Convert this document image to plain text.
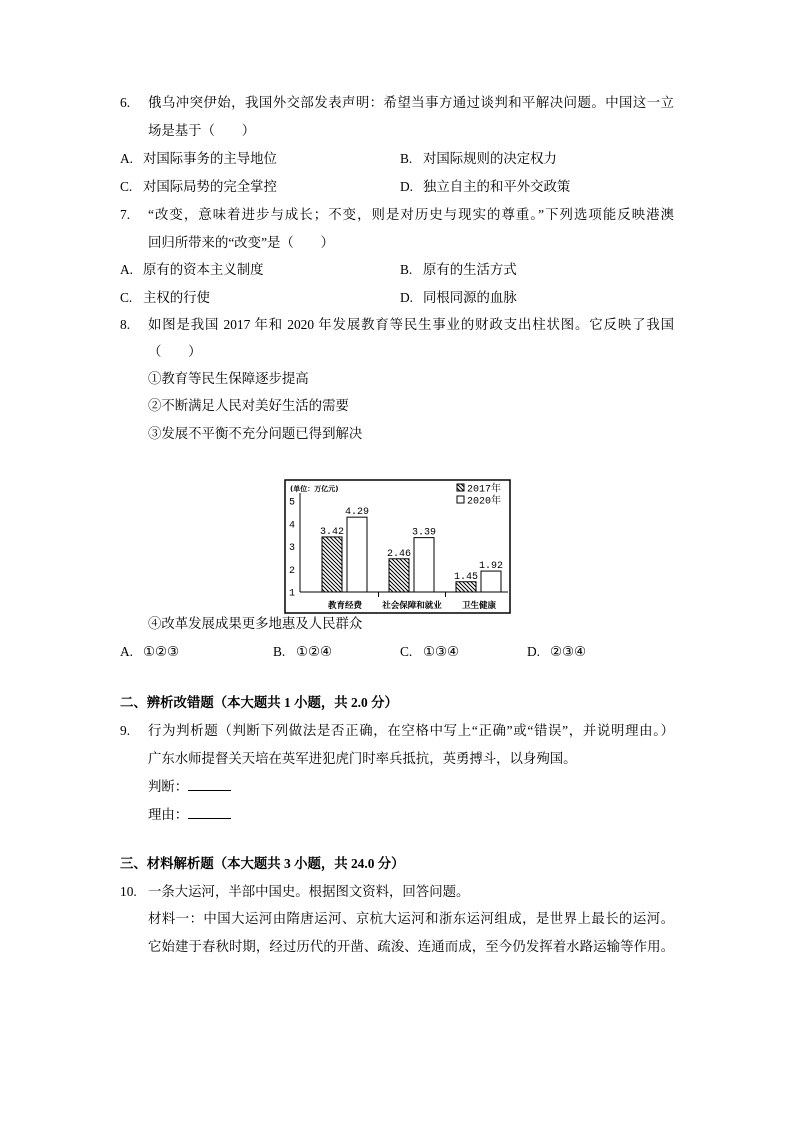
6. 俄乌冲突伊始，我国外交部发表声明：希望当事方通过谈判和平解决问题。中国这一立
场是基于（　　）
A. 对国际事务的主导地位	B. 对国际规则的决定权力
C. 对国际局势的完全掌控	D. 独立自主的和平外交政策
7. “改变，意味着进步与成长；不变，则是对历史与现实的尊重。”下列选项能反映港澳
回归所带来的“改变”是（　　）
A. 原有的资本主义制度	B. 原有的生活方式
C. 主权的行使	D. 同根同源的血脉
8. 如图是我国 2017 年和 2020 年发展教育等民生事业的财政支出柱状图。它反映了我国
（　　）
①教育等民生保障逐步提高
②不断满足人民对美好生活的需要
③发展不平衡不充分问题已得到解决
(单位：万亿元)
1
2
3
4
5
3.42
2.46
1.45
4.29
3.39
1.92
教育经费 社会保障和就业 卫生健康
2017年
2020年
④改革发展成果更多地惠及人民群众
A. ①②③	B. ①②④	C. ①③④	D. ②③④
二、辨析改错题（本大题共 1 小题，共 2.0 分）
9. 行为判析题（判断下列做法是否正确，在空格中写上“正确”或“错误”，并说明理由。）
广东水师提督关天培在英军进犯虎门时率兵抵抗，英勇搏斗，以身殉国。
判断：
理由：
三、材料解析题（本大题共 3 小题，共 24.0 分）
10. 一条大运河，半部中国史。根据图文资料，回答问题。
材料一：中国大运河由隋唐运河、京杭大运河和浙东运河组成，是世界上最长的运河。
它始建于春秋时期，经过历代的开凿、疏浚、连通而成，至今仍发挥着水路运输等作用。
